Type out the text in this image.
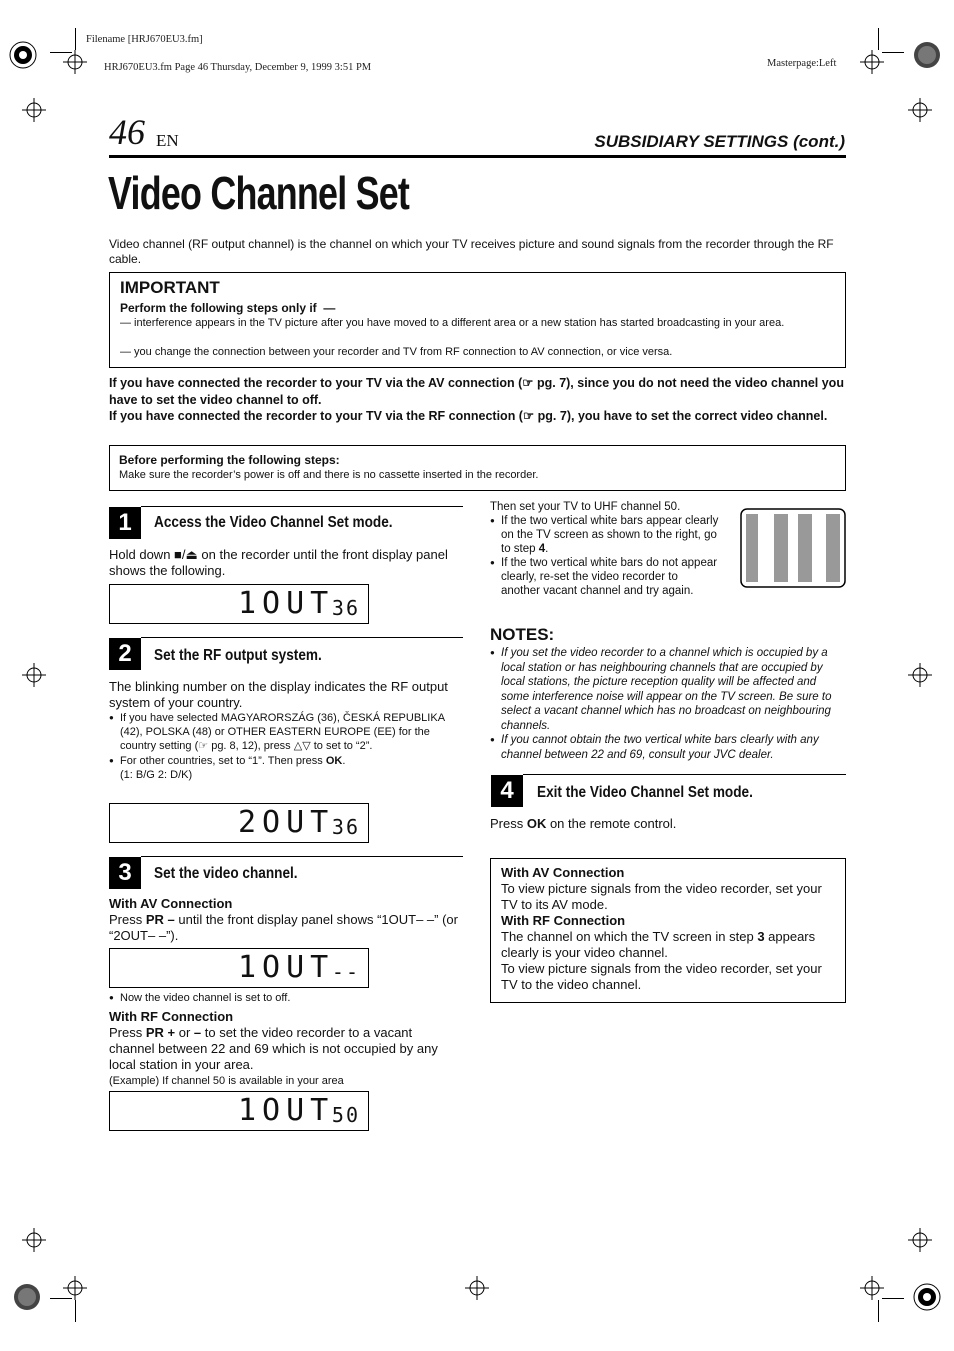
Filename [HRJ670EU3.fm]
HRJ670EU3.fm Page 46 Thursday, December 9, 1999 3:51 PM	Masterpage:Left
46 EN	SUBSIDIARY SETTINGS (cont.)
Video Channel Set
Video channel (RF output channel) is the channel on which your TV receives picture and sound signals from the recorder through the RF cable.
IMPORTANT
Perform the following steps only if  —
— interference appears in the TV picture after you have moved to a different area or a new station has started broadcasting in your area.
— you change the connection between your recorder and TV from RF connection to AV connection, or vice versa.
If you have connected the recorder to your TV via the AV connection (☞ pg. 7), since you do not need the video channel you have to set the video channel to off.
If you have connected the recorder to your TV via the RF connection (☞ pg. 7), you have to set the correct video channel.
Before performing the following steps:
Make sure the recorder’s power is off and there is no cassette inserted in the recorder.
1	Access the Video Channel Set mode.
Hold down ■/⏏ on the recorder until the front display panel shows the following.
1OUT
36
2	Set the RF output system.
The blinking number on the display indicates the RF output system of your country.
● If you have selected MAGYARORSZÁG (36), ČESKÁ REPUBLIKA (42), POLSKA (48) or OTHER EASTERN EUROPE (EE) for the country setting (☞ pg. 8, 12), press △▽ to set to “2”.
● For other countries, set to “1”. Then press OK.
(1: B/G 2: D/K)
2OUT
36
3	Set the video channel.
With AV Connection
Press PR – until the front display panel shows “1OUT– –” (or “2OUT– –”).
1OUT
--
● Now the video channel is set to off.
With RF Connection
Press PR + or – to set the video recorder to a vacant channel between 22 and 69 which is not occupied by any local station in your area.
(Example) If channel 50 is available in your area
1OUT
50
Then set your TV to UHF channel 50.
● If the two vertical white bars appear clearly on the TV screen as shown to the right, go to step 4.
● If the two vertical white bars do not appear clearly, re-set the video recorder to another vacant channel and try again.
NOTES:
● If you set the video recorder to a channel which is occupied by a local station or has neighbouring channels that are occupied by local stations, the picture reception quality will be affected and some interference noise will appear on the TV screen. Be sure to select a vacant channel which has no broadcast on neighbouring channels.
● If you cannot obtain the two vertical white bars clearly with any channel between 22 and 69, consult your JVC dealer.
4	Exit the Video Channel Set mode.
Press OK on the remote control.
With AV Connection
To view picture signals from the video recorder, set your TV to its AV mode.
With RF Connection
The channel on which the TV screen in step 3 appears clearly is your video channel.
To view picture signals from the video recorder, set your TV to the video channel.
